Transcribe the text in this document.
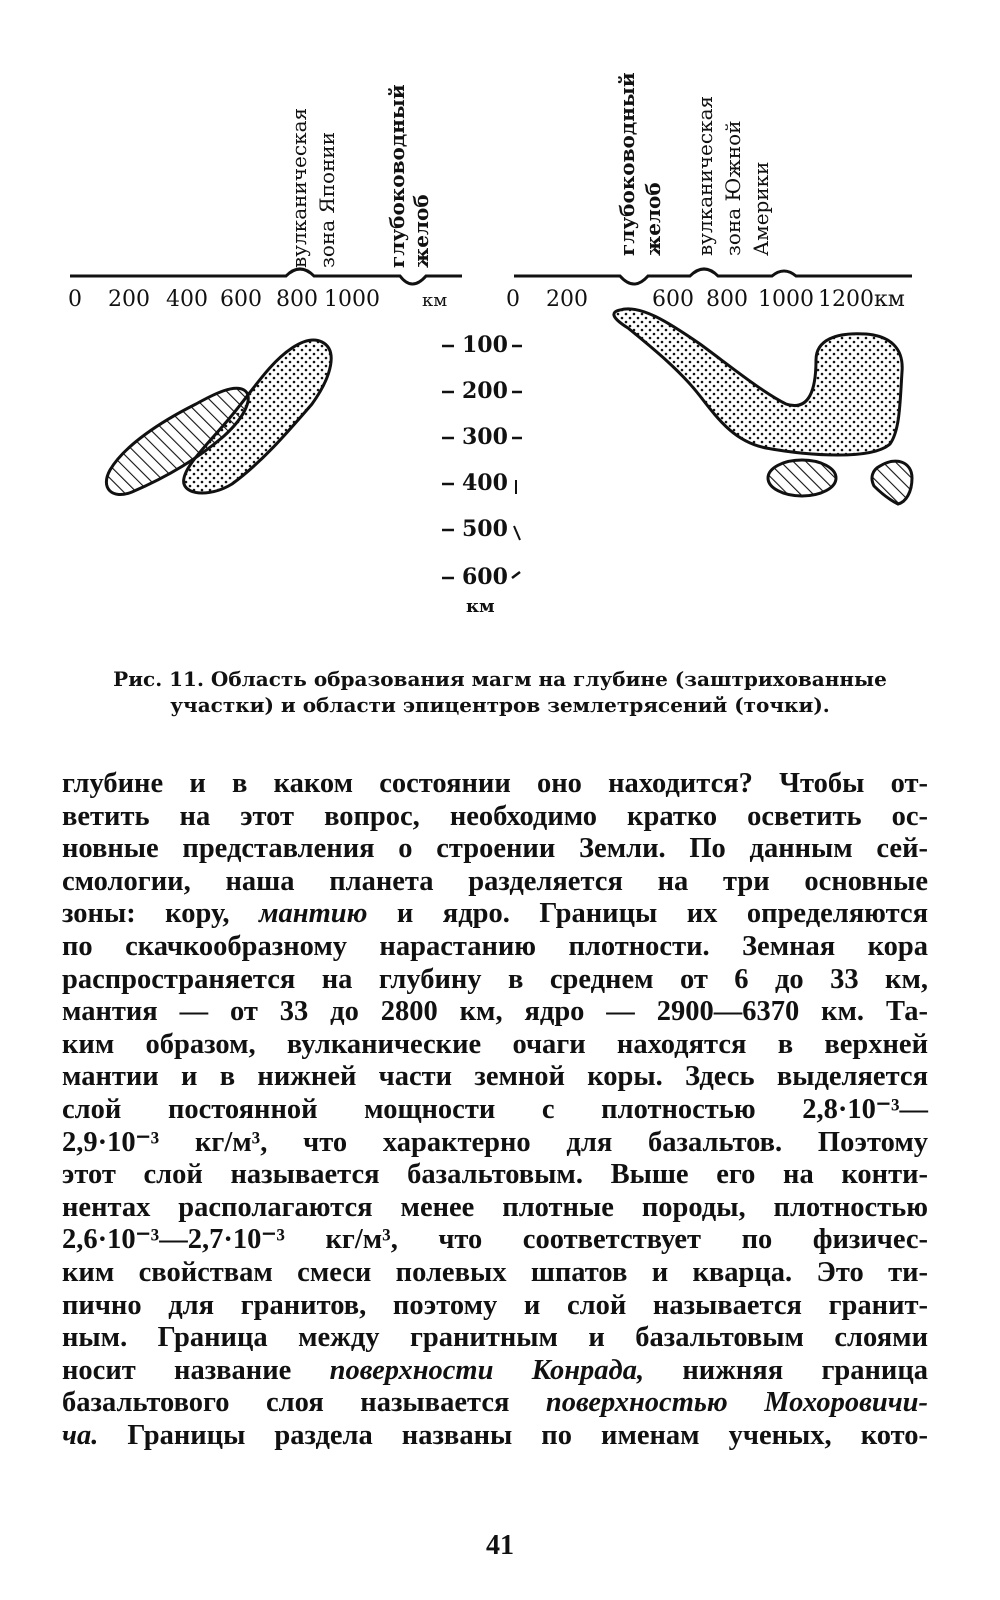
вулканическая зона Японии глубоководный желоб
0 200 400 600 800 1000 км
100
200
300
400
500
600
км
глубоководный желоб вулканическая зона Южной Америки
0 200	600 800 1000 1200км

Рис. 11. Область образования магм на глубине (заштрихованные
участки) и области эпицентров землетрясений (точки).

глубине и в каком состоянии оно находится? Чтобы от-
ветить на этот вопрос, необходимо кратко осветить ос-
новные представления о строении Земли. По данным сей-
смологии, наша планета разделяется на три основные
зоны: кору, мантию и ядро. Границы их определяются
по скачкообразному нарастанию плотности. Земная кора
распространяется на глубину в среднем от 6 до 33 км,
мантия — от 33 до 2800 км, ядро — 2900—6370 км. Та-
ким образом, вулканические очаги находятся в верхней
мантии и в нижней части земной коры. Здесь выделяется
слой постоянной мощности с плотностью 2,8·10⁻³—
2,9·10⁻³ кг/м³, что характерно для базальтов. Поэтому
этот слой называется базальтовым. Выше его на конти-
нентах располагаются менее плотные породы, плотностью
2,6·10⁻³—2,7·10⁻³ кг/м³, что соответствует по физичес-
ким свойствам смеси полевых шпатов и кварца. Это ти-
пично для гранитов, поэтому и слой называется гранит-
ным. Граница между гранитным и базальтовым слоями
носит название поверхности Конрада, нижняя граница
базальтового слоя называется поверхностью Мохоровичи-
ча. Границы раздела названы по именам ученых, кото-
41
